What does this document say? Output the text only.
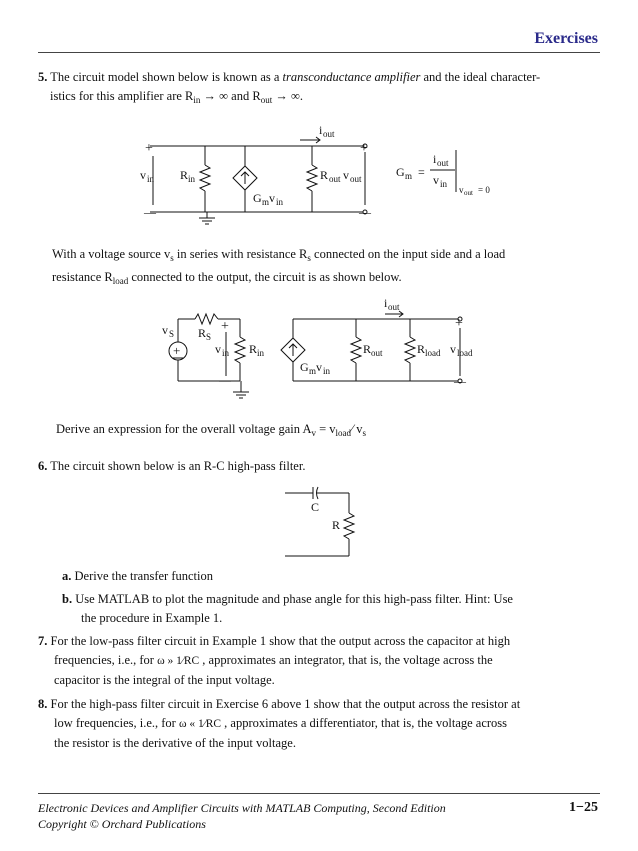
Exercises
5. The circuit model shown below is known as a transconductance amplifier and the ideal character-
istics for this amplifier are $R_{in}$ → ∞ and $R_{out}$ → ∞.
+
—
v in R in
G m v in
R out v out
+
—
i out
G m =
i out
v in
v out = 0
With a voltage source $v_s$ in series with resistance $R_s$ connected on the input side and a load
resistance $R_{load}$ connected to the output, the circuit is as shown below.
+
v S R S
+
—
v in R in
G m v in
R out	R load v load
+
—
i out
Derive an expression for the overall voltage gain $A_v$ = $v_{load}⁄$ $v_s$
6. The circuit shown below is an R-C high-pass filter.
C
R
a. Derive the transfer function
b. Use MATLAB to plot the magnitude and phase angle for this high-pass filter. Hint: Use
the procedure in Example 1.
7. For the low-pass filter circuit in Example 1 show that the output across the capacitor at high
frequencies, i.e., for ω » 1⁄RC , approximates an integrator, that is, the voltage across the
capacitor is the integral of the input voltage.
8. For the high-pass filter circuit in Exercise 6 above 1 show that the output across the resistor at
low frequencies, i.e., for ω « 1⁄RC , approximates a differentiator, that is, the voltage across
the resistor is the derivative of the input voltage.
Electronic Devices and Amplifier Circuits with MATLAB Computing, Second Edition
Copyright © Orchard Publications
1−25
